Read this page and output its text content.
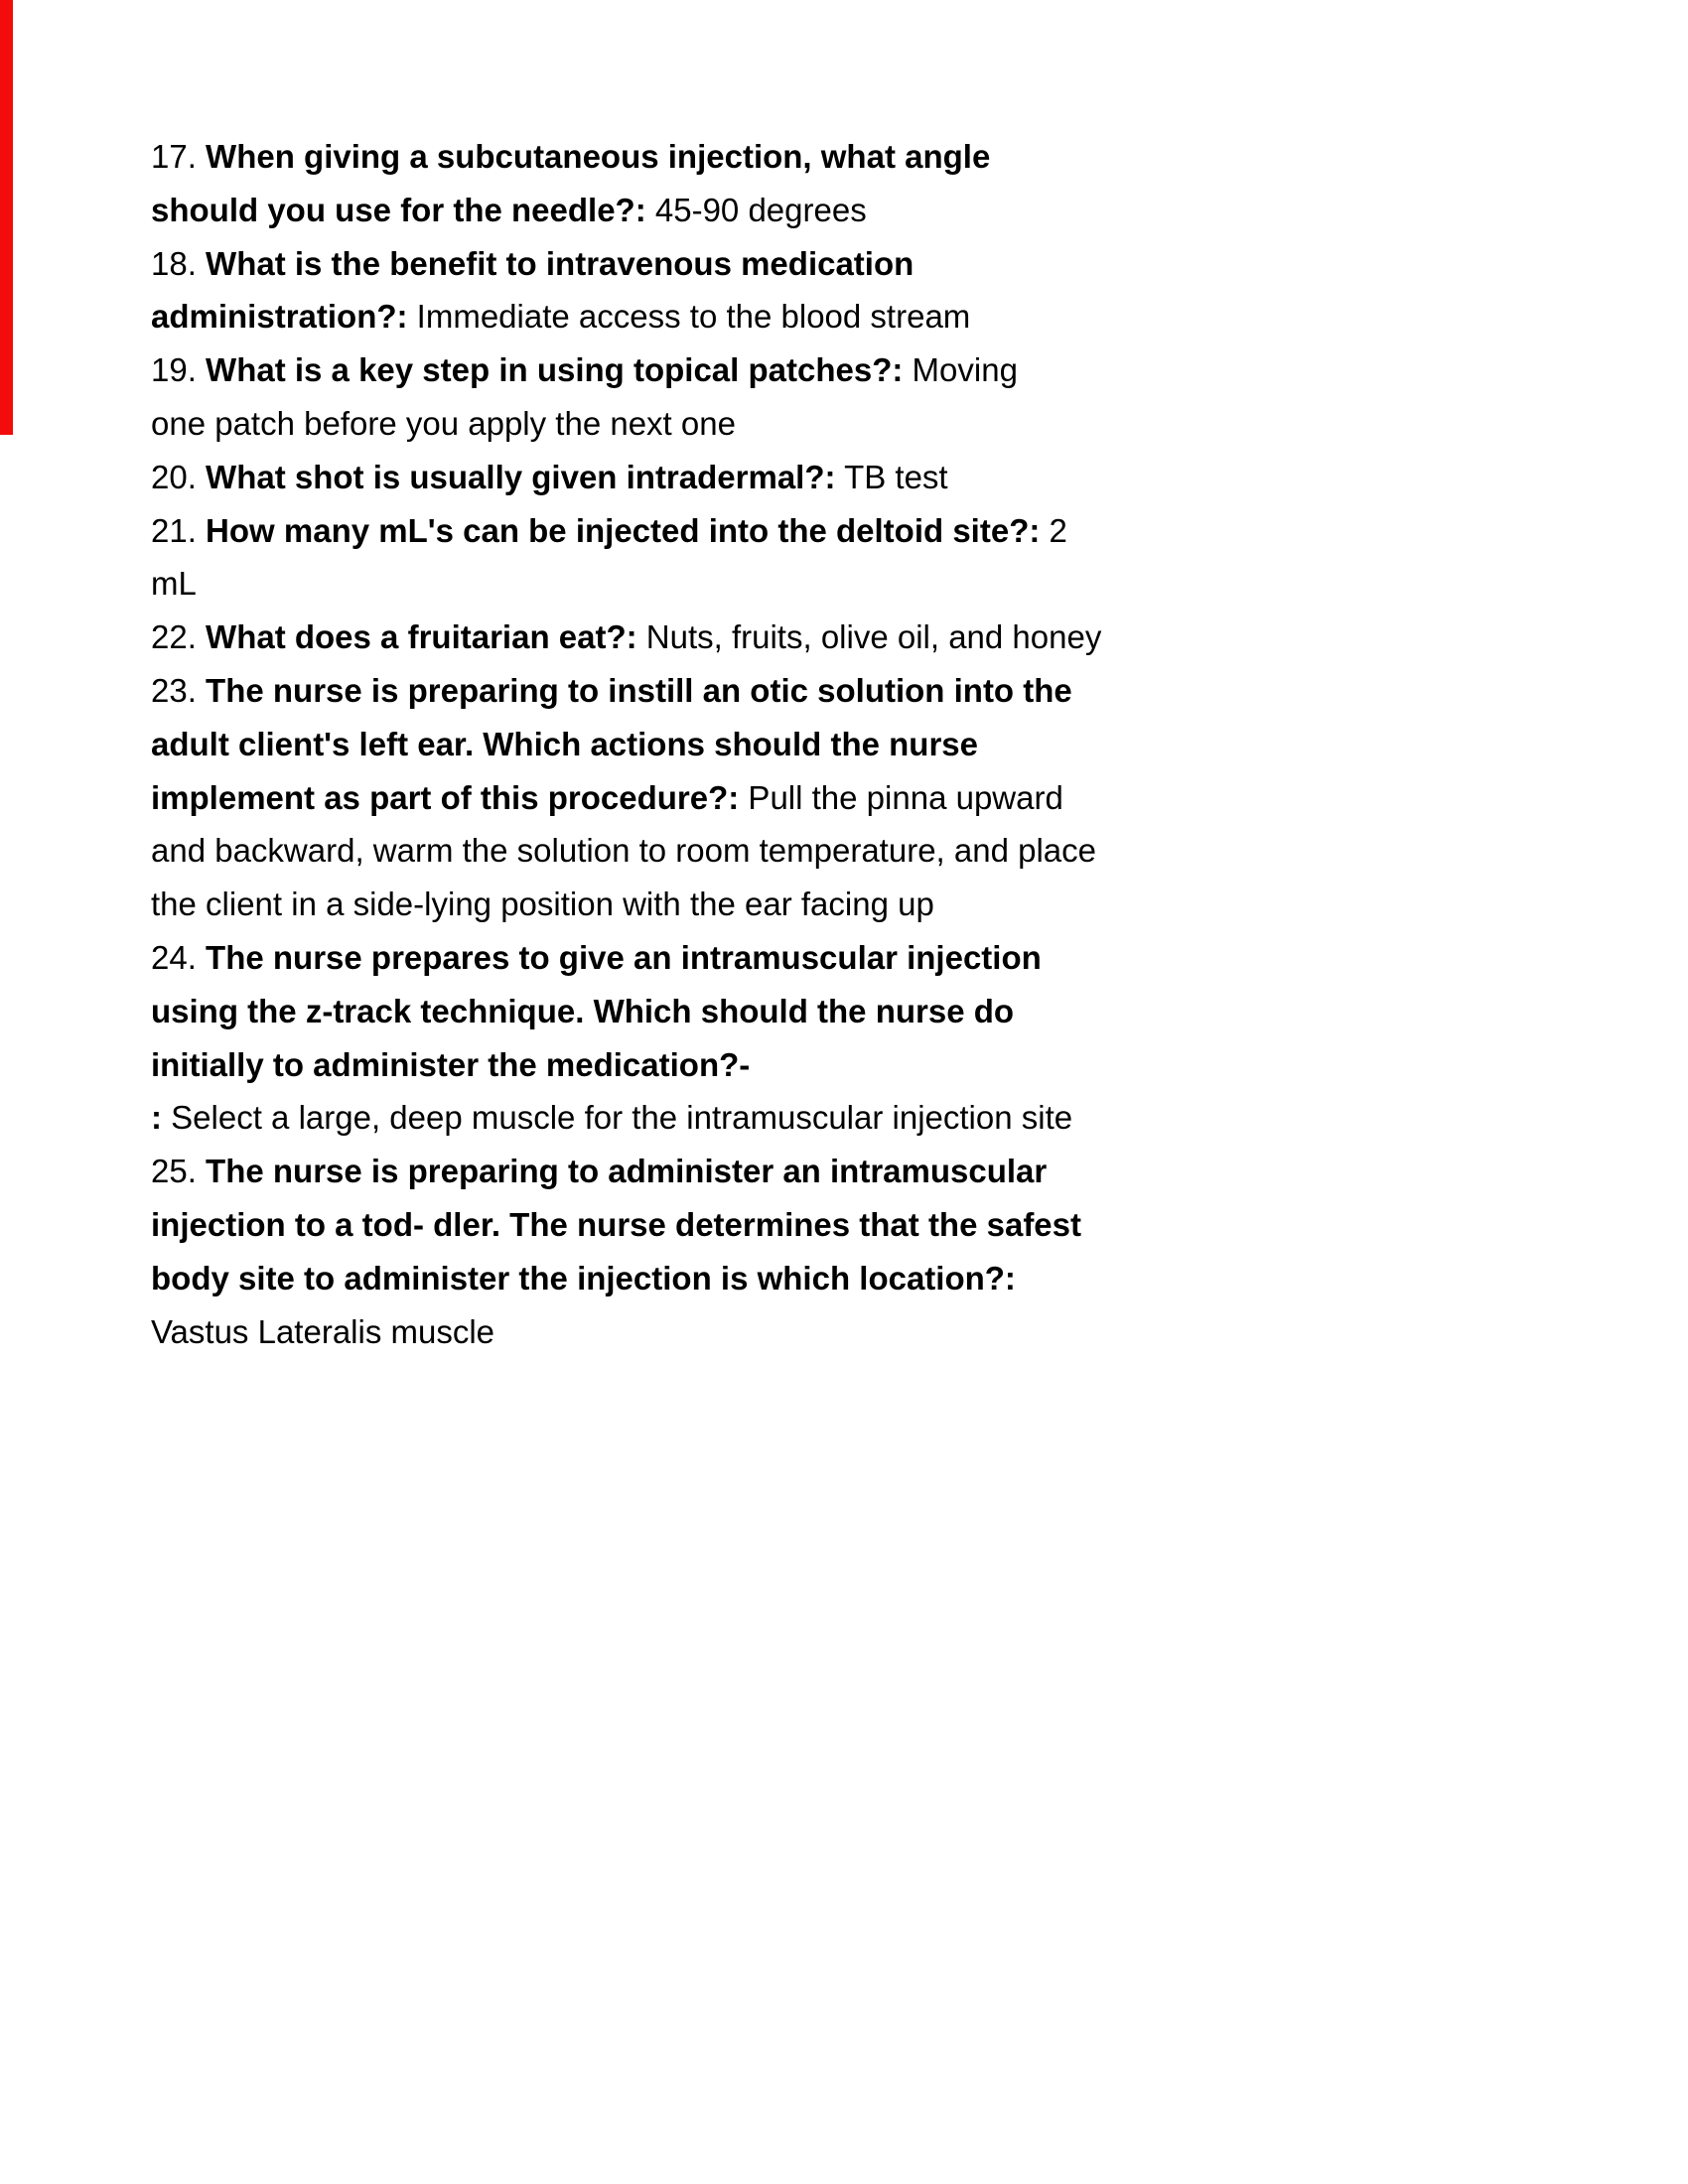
17. When giving a subcutaneous injection, what angle
should you use for the needle?: 45-90 degrees
18. What is the benefit to intravenous medication
administration?: Immediate access to the blood stream
19. What is a key step in using topical patches?: Moving
one patch before you apply the next one
20. What shot is usually given intradermal?: TB test
21. How many mL's can be injected into the deltoid site?: 2
mL
22. What does a fruitarian eat?: Nuts, fruits, olive oil, and honey
23. The nurse is preparing to instill an otic solution into the
adult client's left ear. Which actions should the nurse
implement as part of this procedure?: Pull the pinna upward
and backward, warm the solution to room temperature, and place
the client in a side-lying position with the ear facing up
24. The nurse prepares to give an intramuscular injection
using the z-track technique. Which should the nurse do
initially to administer the medication?-
: Select a large, deep muscle for the intramuscular injection site
25. The nurse is preparing to administer an intramuscular
injection to a tod- dler. The nurse determines that the safest
body site to administer the injection is which location?:
Vastus Lateralis muscle
